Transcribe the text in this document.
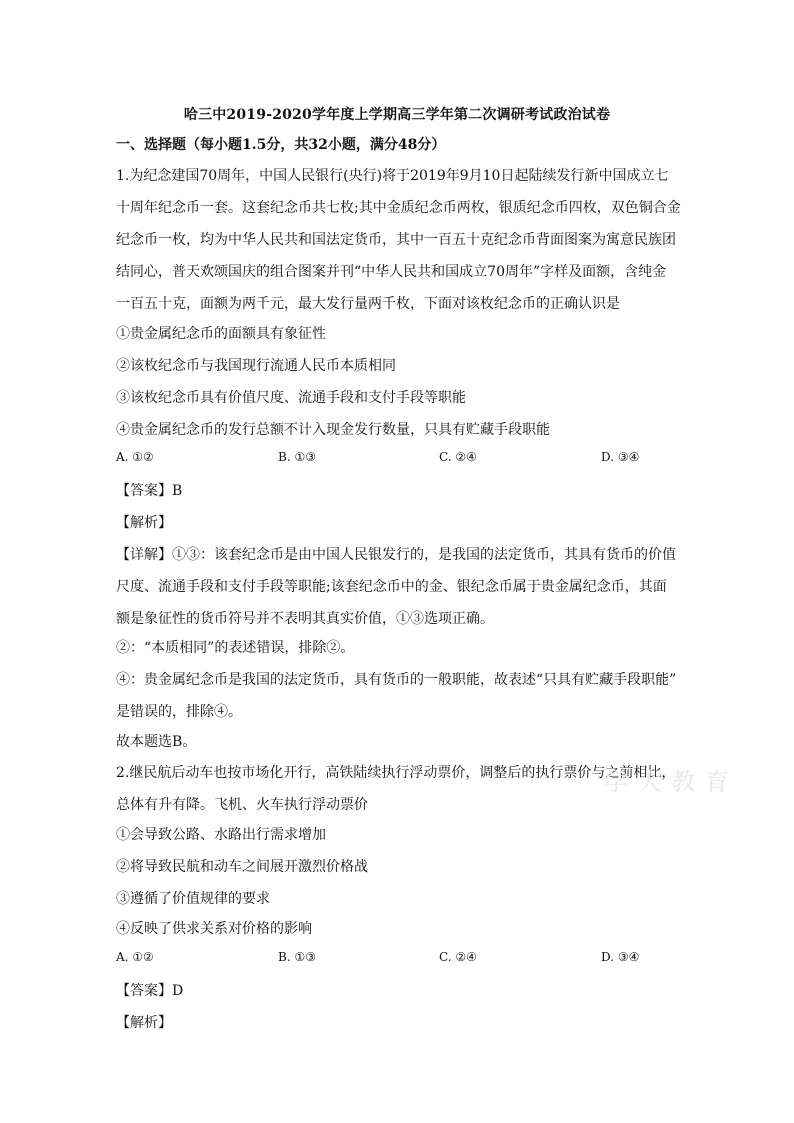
哈三中2019-2020学年度上学期高三学年第二次调研考试政治试卷
一、选择题（每小题1.5分，共32小题，满分48分）
1.为纪念建国70周年，中国人民银行(央行)将于2019年9月10日起陆续发行新中国成立七
十周年纪念币一套。这套纪念币共七枚;其中金质纪念币两枚，银质纪念币四枚，双色铜合金
纪念币一枚，均为中华人民共和国法定货币，其中一百五十克纪念币背面图案为寓意民族团
结同心，普天欢颂国庆的组合图案并刊“中华人民共和国成立70周年”字样及面额，含纯金
一百五十克，面额为两千元，最大发行量两千枚，下面对该枚纪念币的正确认识是
①贵金属纪念币的面额具有象征性
②该枚纪念币与我国现行流通人民币本质相同
③该枚纪念币具有价值尺度、流通手段和支付手段等职能
④贵金属纪念币的发行总额不计入现金发行数量，只具有贮藏手段职能
A. ①②	B. ①③	C. ②④	D. ③④
【答案】B
【解析】
【详解】①③：该套纪念币是由中国人民银发行的，是我国的法定货币，其具有货币的价值
尺度、流通手段和支付手段等职能;该套纪念币中的金、银纪念币属于贵金属纪念币，其面
额是象征性的货币符号并不表明其真实价值，①③选项正确。
②：“本质相同”的表述错误，排除②。
④：贵金属纪念币是我国的法定货币，具有货币的一般职能，故表述“只具有贮藏手段职能”
是错误的，排除④。
故本题选B。
2.继民航后动车也按市场化开行，高铁陆续执行浮动票价，调整后的执行票价与之前相比，
总体有升有降。飞机、火车执行浮动票价
①会导致公路、水路出行需求增加
②将导致民航和动车之间展开激烈价格战
③遵循了价值规律的要求
④反映了供求关系对价格的影响
A. ①②	B. ①③	C. ②④	D. ③④
【答案】D
【解析】
学 大 教 育
